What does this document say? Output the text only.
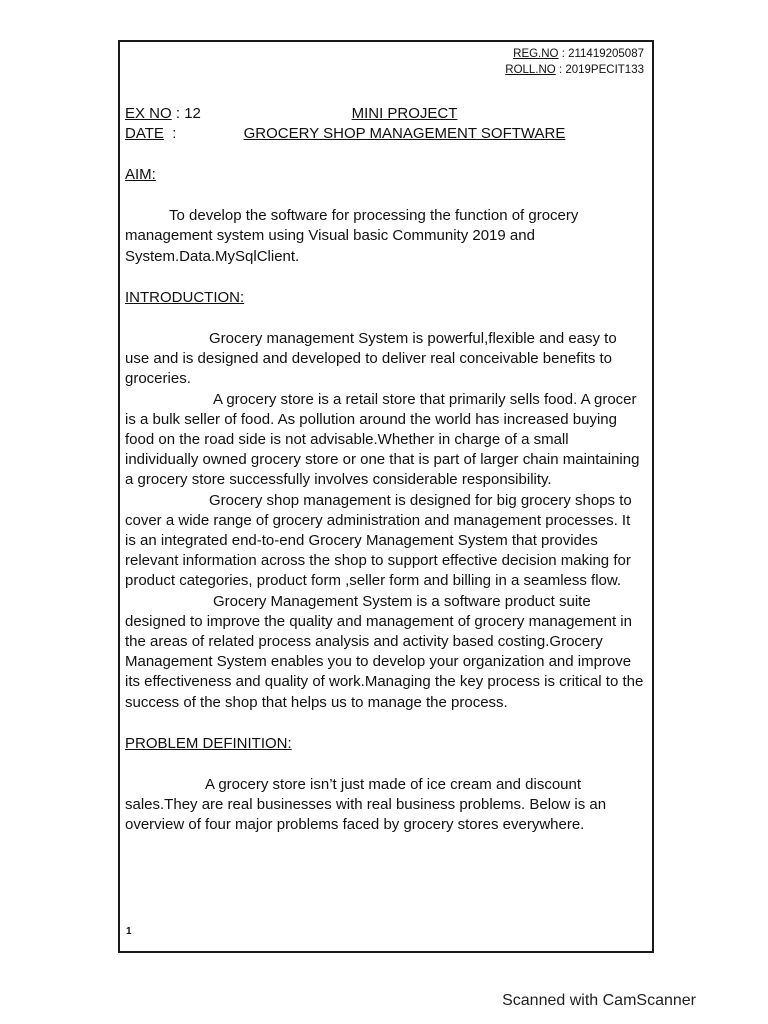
REG.NO : 211419205087
ROLL.NO : 2019PECIT133
EX NO : 12	MINI PROJECT
DATE  :	GROCERY SHOP MANAGEMENT SOFTWARE
AIM:

To develop the software for processing the function of grocery management system using Visual basic Community 2019 and System.Data.MySqlClient.

INTRODUCTION:

Grocery management System is powerful,flexible and easy to use and is designed and developed to deliver real conceivable benefits to groceries.

A grocery store is a retail store that primarily sells food. A grocer is a bulk seller of food. As pollution around the world has increased buying food on the road side is not advisable.Whether in charge of a small individually owned grocery store or one that is part of larger chain maintaining a grocery store successfully involves considerable responsibility.

Grocery shop management is designed for big grocery shops to cover a wide range of grocery administration and management processes. It is an integrated end-to-end Grocery Management System that provides relevant information across the shop to support effective decision making for product categories, product form ,seller form and billing in a seamless flow.

Grocery Management System is a software product suite designed to improve the quality and management of grocery management in the areas of related process analysis and activity based costing.Grocery Management System enables you to develop your organization and improve its effectiveness and quality of work.Managing the key process is critical to the success of the shop that helps us to manage the process.

PROBLEM DEFINITION:

A grocery store isn’t just made of ice cream and discount sales.They are real businesses with real business problems. Below is an overview of four major problems faced by grocery stores everywhere.

1
Scanned with CamScanner
